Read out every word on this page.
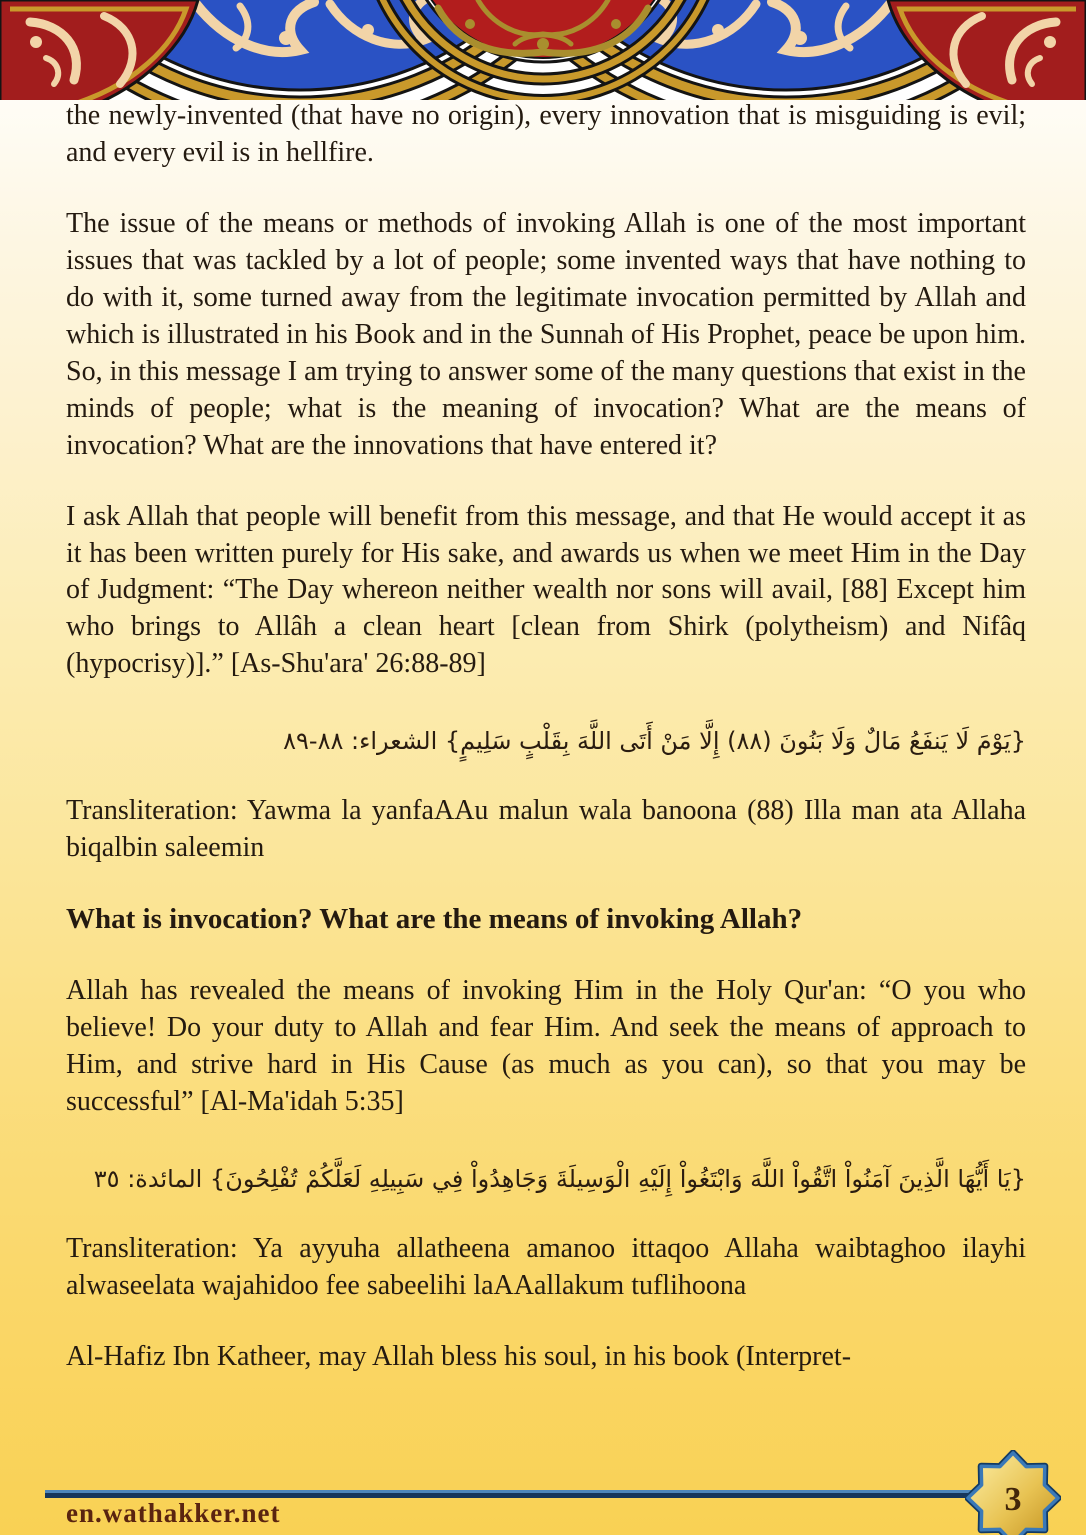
the newly-invented (that have no origin), every innovation that is misguiding is evil; and every evil is in hellfire.

The issue of the means or methods of invoking Allah is one of the most important issues that was tackled by a lot of people; some invented ways that have nothing to do with it, some turned away from the legitimate invocation permitted by Allah and which is illustrated in his Book and in the Sunnah of His Prophet, peace be upon him. So, in this message I am trying to answer some of the many questions that exist in the minds of people; what is the meaning of invocation? What are the means of invocation? What are the innovations that have entered it?

I ask Allah that people will benefit from this message, and that He would accept it as it has been written purely for His sake, and awards us when we meet Him in the Day of Judgment: “The Day whereon neither wealth nor sons will avail, [88] Except him who brings to Allâh a clean heart [clean from Shirk (polytheism) and Nifâq (hypocrisy)].” [As-Shu'ara' 26:88-89]

{يَوْمَ لَا يَنفَعُ مَالٌ وَلَا بَنُونَ (٨٨) إِلَّا مَنْ أَتَى اللَّهَ بِقَلْبٍ سَلِيمٍ} الشعراء: ٨٨-٨٩

Transliteration: Yawma la yanfaAAu malun wala banoona (88) Illa man ata Allaha biqalbin saleemin

What is invocation? What are the means of invoking Allah?

Allah has revealed the means of invoking Him in the Holy Qur'an: “O you who believe! Do your duty to Allah and fear Him. And seek the means of approach to Him, and strive hard in His Cause (as much as you can), so that you may be successful” [Al-Ma'idah 5:35]

{يَا أَيُّهَا الَّذِينَ آمَنُواْ اتَّقُواْ اللَّهَ وَابْتَغُواْ إِلَيْهِ الْوَسِيلَةَ وَجَاهِدُواْ فِي سَبِيلِهِ لَعَلَّكُمْ تُفْلِحُونَ} المائدة: ٣٥

Transliteration: Ya ayyuha allatheena amanoo ittaqoo Allaha waibtaghoo ilayhi alwaseelata wajahidoo fee sabeelihi laAAallakum tuflihoona

Al-Hafiz Ibn Katheer, may Allah bless his soul, in his book (Interpret-

en.wathakker.net	3
